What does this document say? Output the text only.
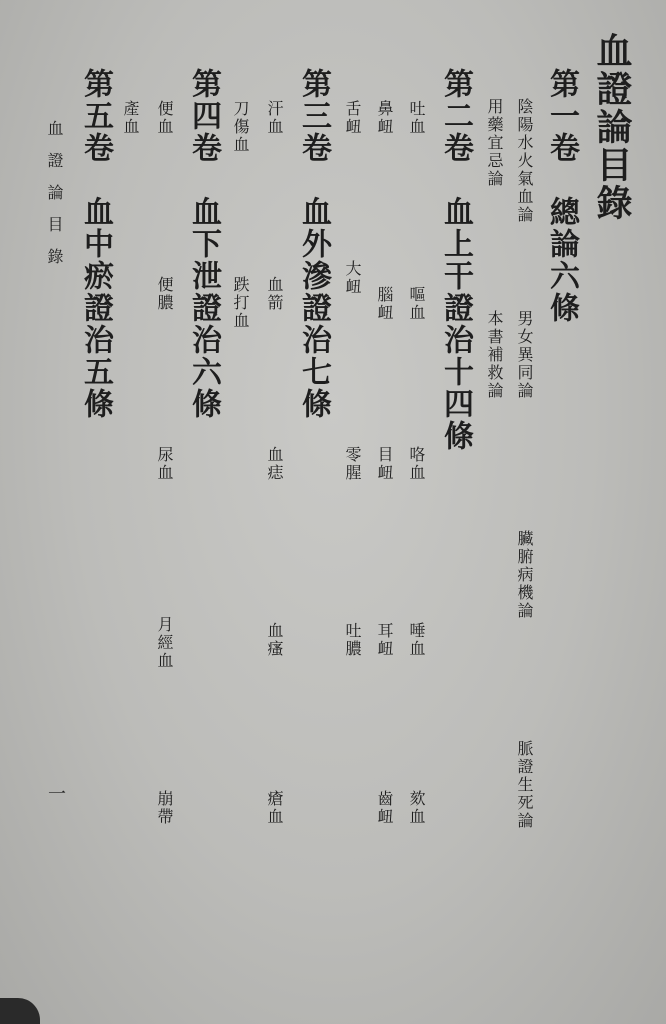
血證論目錄
第一卷　總論六條
陰陽水火氣血論
男女異同論
臟腑病機論
脈證生死論
用藥宜忌論
本書補救論
第二卷　血上干證治十四條
吐血
嘔血
咯血
唾血
欬血
鼻衄
腦衄
目衄
耳衄
齒衄
舌衄
大衄
零腥
吐膿
第三卷　血外滲證治七條
汗血
血箭
血痣
血瘙
瘡血
刀傷血
跌打血
第四卷　血下泄證治六條
便血
便膿
尿血
月經血
崩帶
產血
第五卷　血中瘀證治五條
血證論目錄
一
